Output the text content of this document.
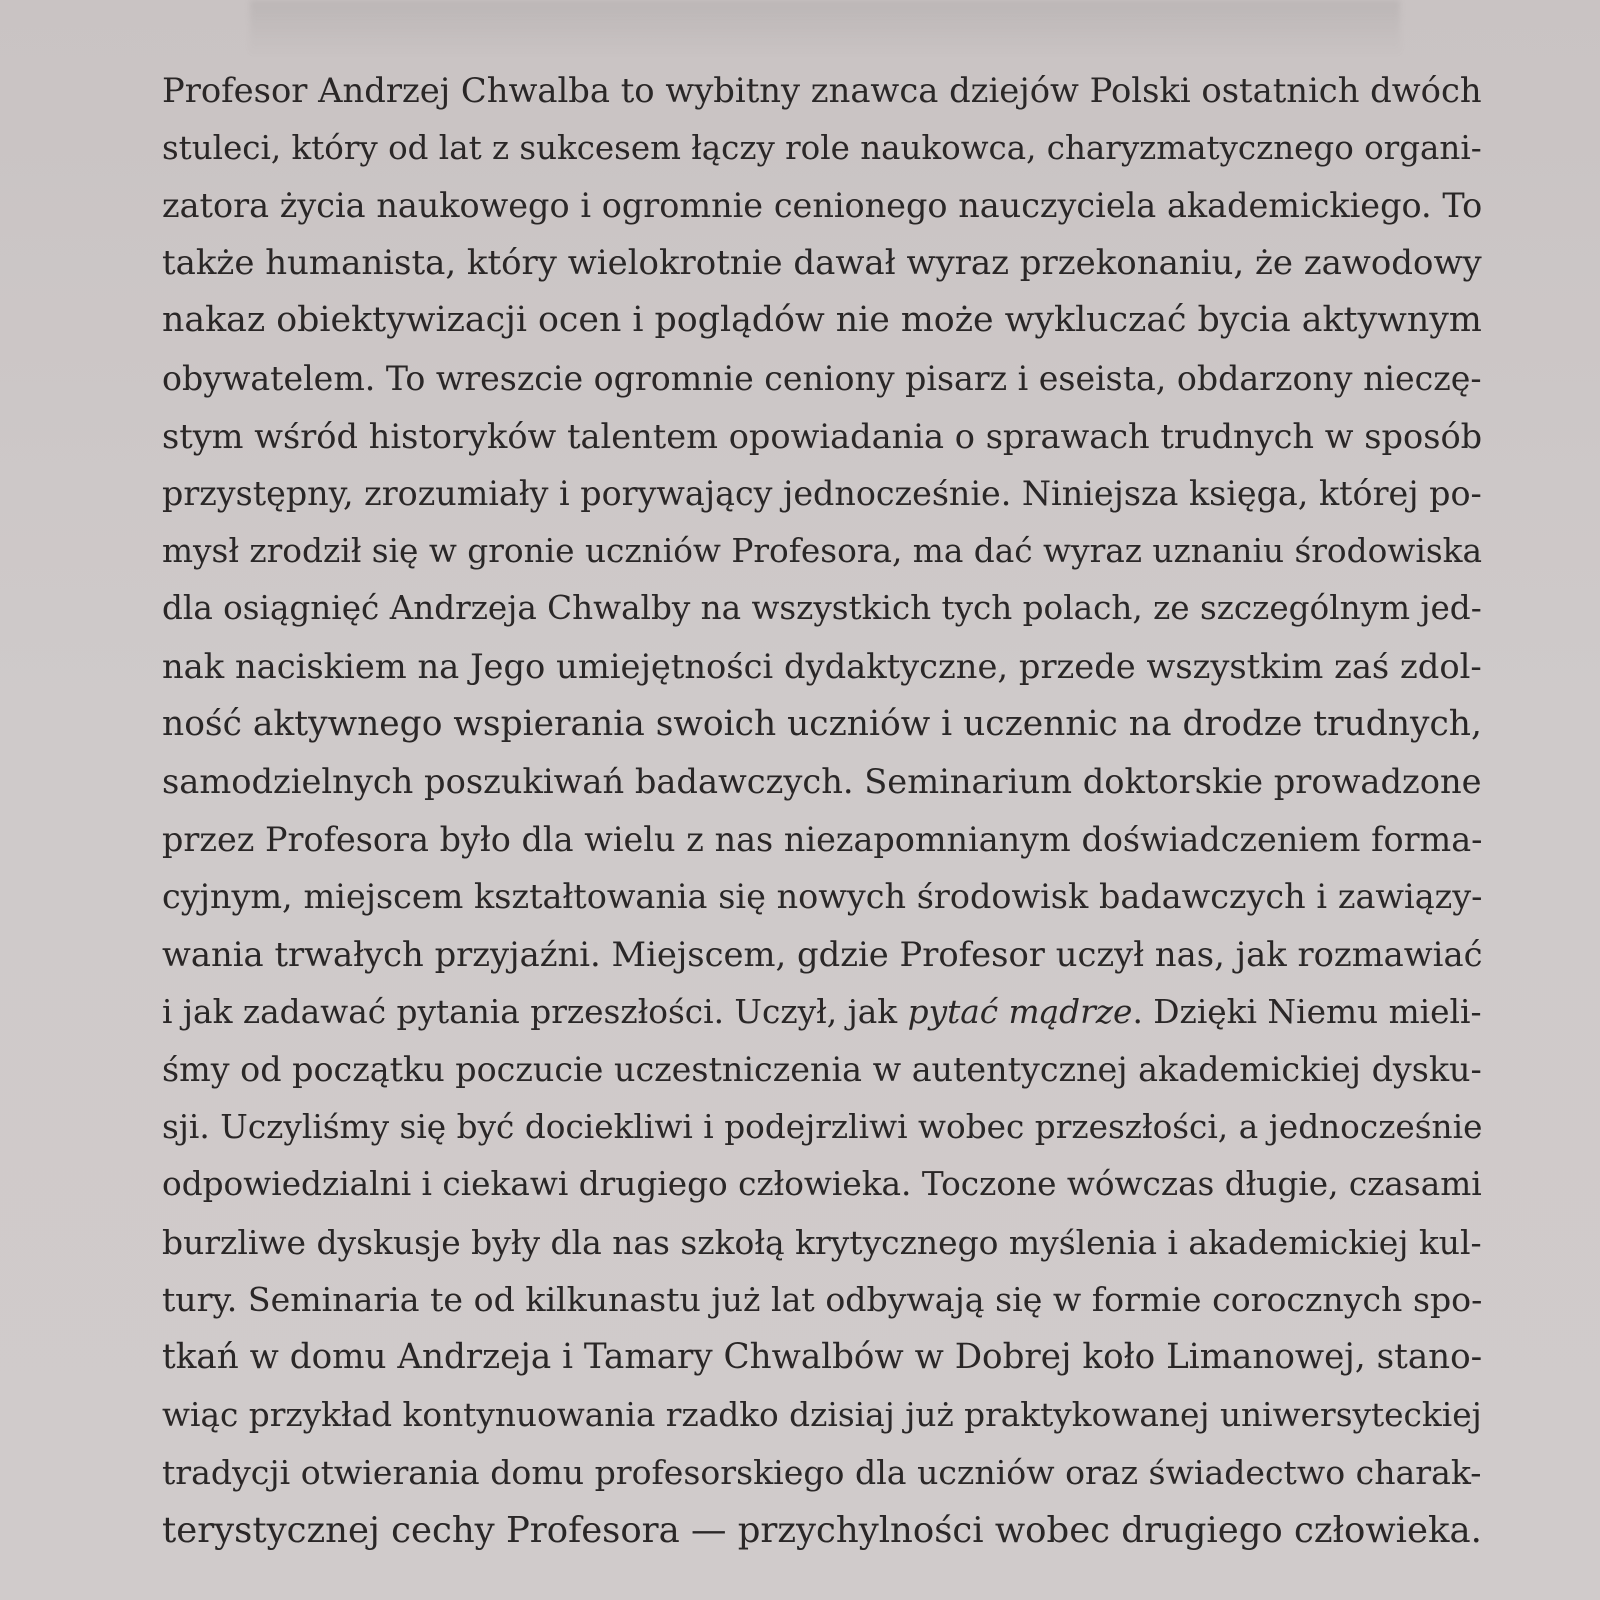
Profesor Andrzej Chwalba to wybitny znawca dziejów Polski ostatnich dwóch
stuleci, który od lat z sukcesem łączy role naukowca, charyzmatycznego organi-
zatora życia naukowego i ogromnie cenionego nauczyciela akademickiego. To
także humanista, który wielokrotnie dawał wyraz przekonaniu, że zawodowy
nakaz obiektywizacji ocen i poglądów nie może wykluczać bycia aktywnym
obywatelem. To wreszcie ogromnie ceniony pisarz i eseista, obdarzony nieczę-
stym wśród historyków talentem opowiadania o sprawach trudnych w sposób
przystępny, zrozumiały i porywający jednocześnie. Niniejsza księga, której po-
mysł zrodził się w gronie uczniów Profesora, ma dać wyraz uznaniu środowiska
dla osiągnięć Andrzeja Chwalby na wszystkich tych polach, ze szczególnym jed-
nak naciskiem na Jego umiejętności dydaktyczne, przede wszystkim zaś zdol-
ność aktywnego wspierania swoich uczniów i uczennic na drodze trudnych,
samodzielnych poszukiwań badawczych. Seminarium doktorskie prowadzone
przez Profesora było dla wielu z nas niezapomnianym doświadczeniem forma-
cyjnym, miejscem kształtowania się nowych środowisk badawczych i zawiązy-
wania trwałych przyjaźni. Miejscem, gdzie Profesor uczył nas, jak rozmawiać
i jak zadawać pytania przeszłości. Uczył, jak pytać mądrze. Dzięki Niemu mieli-
śmy od początku poczucie uczestniczenia w autentycznej akademickiej dysku-
sji. Uczyliśmy się być dociekliwi i podejrzliwi wobec przeszłości, a jednocześnie
odpowiedzialni i ciekawi drugiego człowieka. Toczone wówczas długie, czasami
burzliwe dyskusje były dla nas szkołą krytycznego myślenia i akademickiej kul-
tury. Seminaria te od kilkunastu już lat odbywają się w formie corocznych spo-
tkań w domu Andrzeja i Tamary Chwalbów w Dobrej koło Limanowej, stano-
wiąc przykład kontynuowania rzadko dzisiaj już praktykowanej uniwersyteckiej
tradycji otwierania domu profesorskiego dla uczniów oraz świadectwo charak-
terystycznej cechy Profesora — przychylności wobec drugiego człowieka.
